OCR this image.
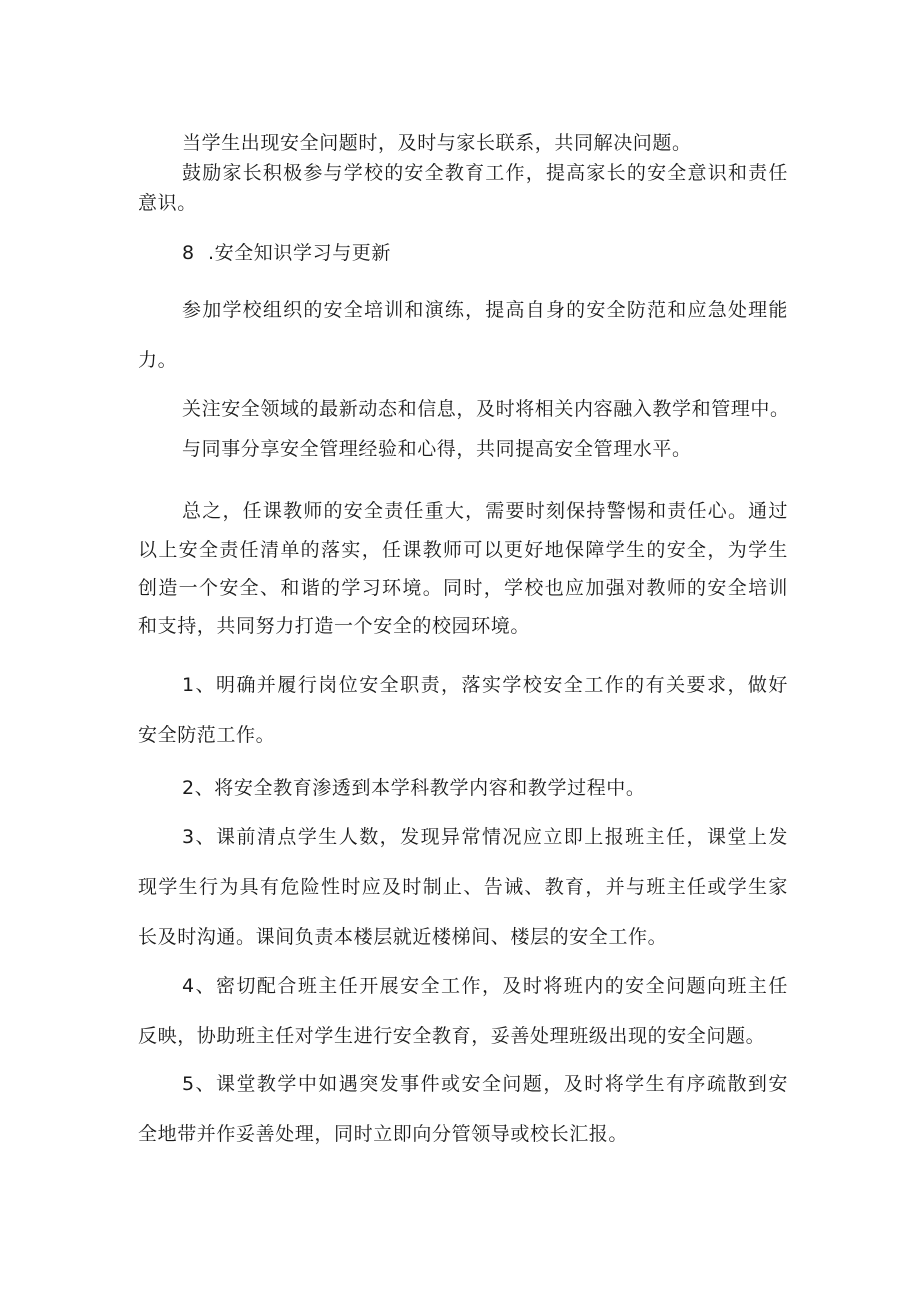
当学生出现安全问题时，及时与家长联系，共同解决问题。

鼓励家长积极参与学校的安全教育工作，提高家长的安全意识和责任
意识。

8  .安全知识学习与更新

参加学校组织的安全培训和演练，提高自身的安全防范和应急处理能
力。

关注安全领域的最新动态和信息，及时将相关内容融入教学和管理中。

与同事分享安全管理经验和心得，共同提高安全管理水平。

总之，任课教师的安全责任重大，需要时刻保持警惕和责任心。通过
以上安全责任清单的落实，任课教师可以更好地保障学生的安全，为学生
创造一个安全、和谐的学习环境。同时，学校也应加强对教师的安全培训
和支持，共同努力打造一个安全的校园环境。

1、明确并履行岗位安全职责，落实学校安全工作的有关要求，做好
安全防范工作。

2、将安全教育渗透到本学科教学内容和教学过程中。

3、课前清点学生人数，发现异常情况应立即上报班主任，课堂上发
现学生行为具有危险性时应及时制止、告诫、教育，并与班主任或学生家
长及时沟通。课间负责本楼层就近楼梯间、楼层的安全工作。

4、密切配合班主任开展安全工作，及时将班内的安全问题向班主任
反映，协助班主任对学生进行安全教育，妥善处理班级出现的安全问题。

5、课堂教学中如遇突发事件或安全问题，及时将学生有序疏散到安
全地带并作妥善处理，同时立即向分管领导或校长汇报。
